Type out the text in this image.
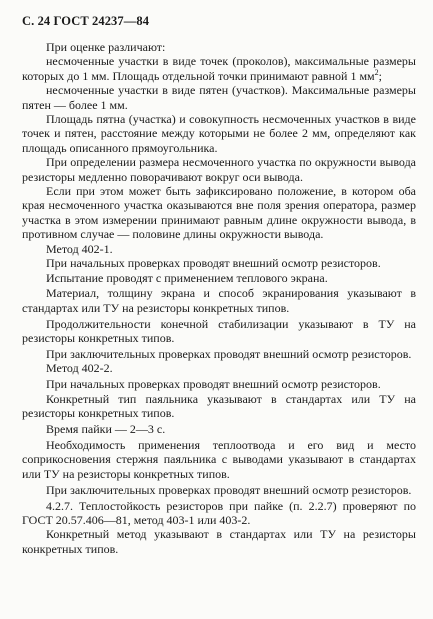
С. 24 ГОСТ 24237—84

При оценке различают:

несмоченные участки в виде точек (проколов), максимальные размеры которых до 1 мм. Площадь отдельной точки принимают равной 1 $мм^2$;

несмоченные участки в виде пятен (участков). Максимальные размеры пятен — более 1 мм.

Площадь пятна (участка) и совокупность несмоченных участков в виде точек и пятен, расстояние между которыми не более 2 мм, определяют как площадь описанного прямоугольника.

При определении размера несмоченного участка по окружности вывода резисторы медленно поворачивают вокруг оси вывода.

Если при этом может быть зафиксировано положение, в котором оба края несмоченного участка оказываются вне поля зрения оператора, размер участка в этом измерении принимают равным длине окружности вывода, в противном случае — половине длины окружности вывода.

Метод 402-1.

При начальных проверках проводят внешний осмотр резисторов.

Испытание проводят с применением теплового экрана.

Материал, толщину экрана и способ экранирования указывают в стандартах или ТУ на резисторы конкретных типов.

Продолжительности конечной стабилизации указывают в ТУ на резисторы конкретных типов.

При заключительных проверках проводят внешний осмотр резисторов.

Метод 402-2.

При начальных проверках проводят внешний осмотр резисторов.

Конкретный тип паяльника указывают в стандартах или ТУ на резисторы конкретных типов.

Время пайки — 2—3 с.

Необходимость применения теплоотвода и его вид и место соприкосновения стержня паяльника с выводами указывают в стандартах или ТУ на резисторы конкретных типов.

При заключительных проверках проводят внешний осмотр резисторов.

4.2.7. Теплостойкость резисторов при пайке (п. 2.2.7) проверяют по ГОСТ 20.57.406—81, метод 403-1 или 403-2.

Конкретный метод указывают в стандартах или ТУ на резисторы конкретных типов.
